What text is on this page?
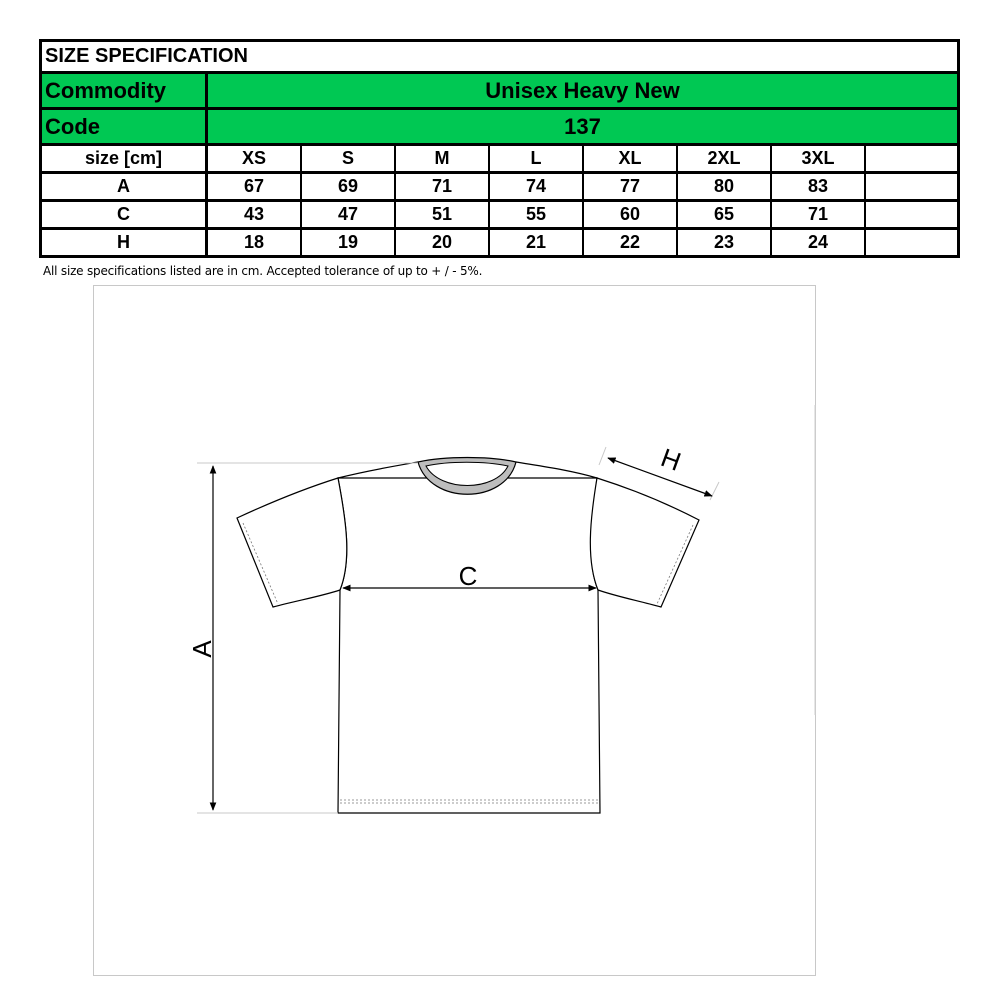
SIZE SPECIFICATION
Commodity	Unisex Heavy New
Code	137
size [cm]	XS	S	M	L	XL	2XL	3XL
A	67	69	71	74	77	80	83
C	43	47	51	55	60	65	71
H	18	19	20	21	22	23	24
All size specifications listed are in cm. Accepted tolerance of up to + / - 5%.
A
C
H
